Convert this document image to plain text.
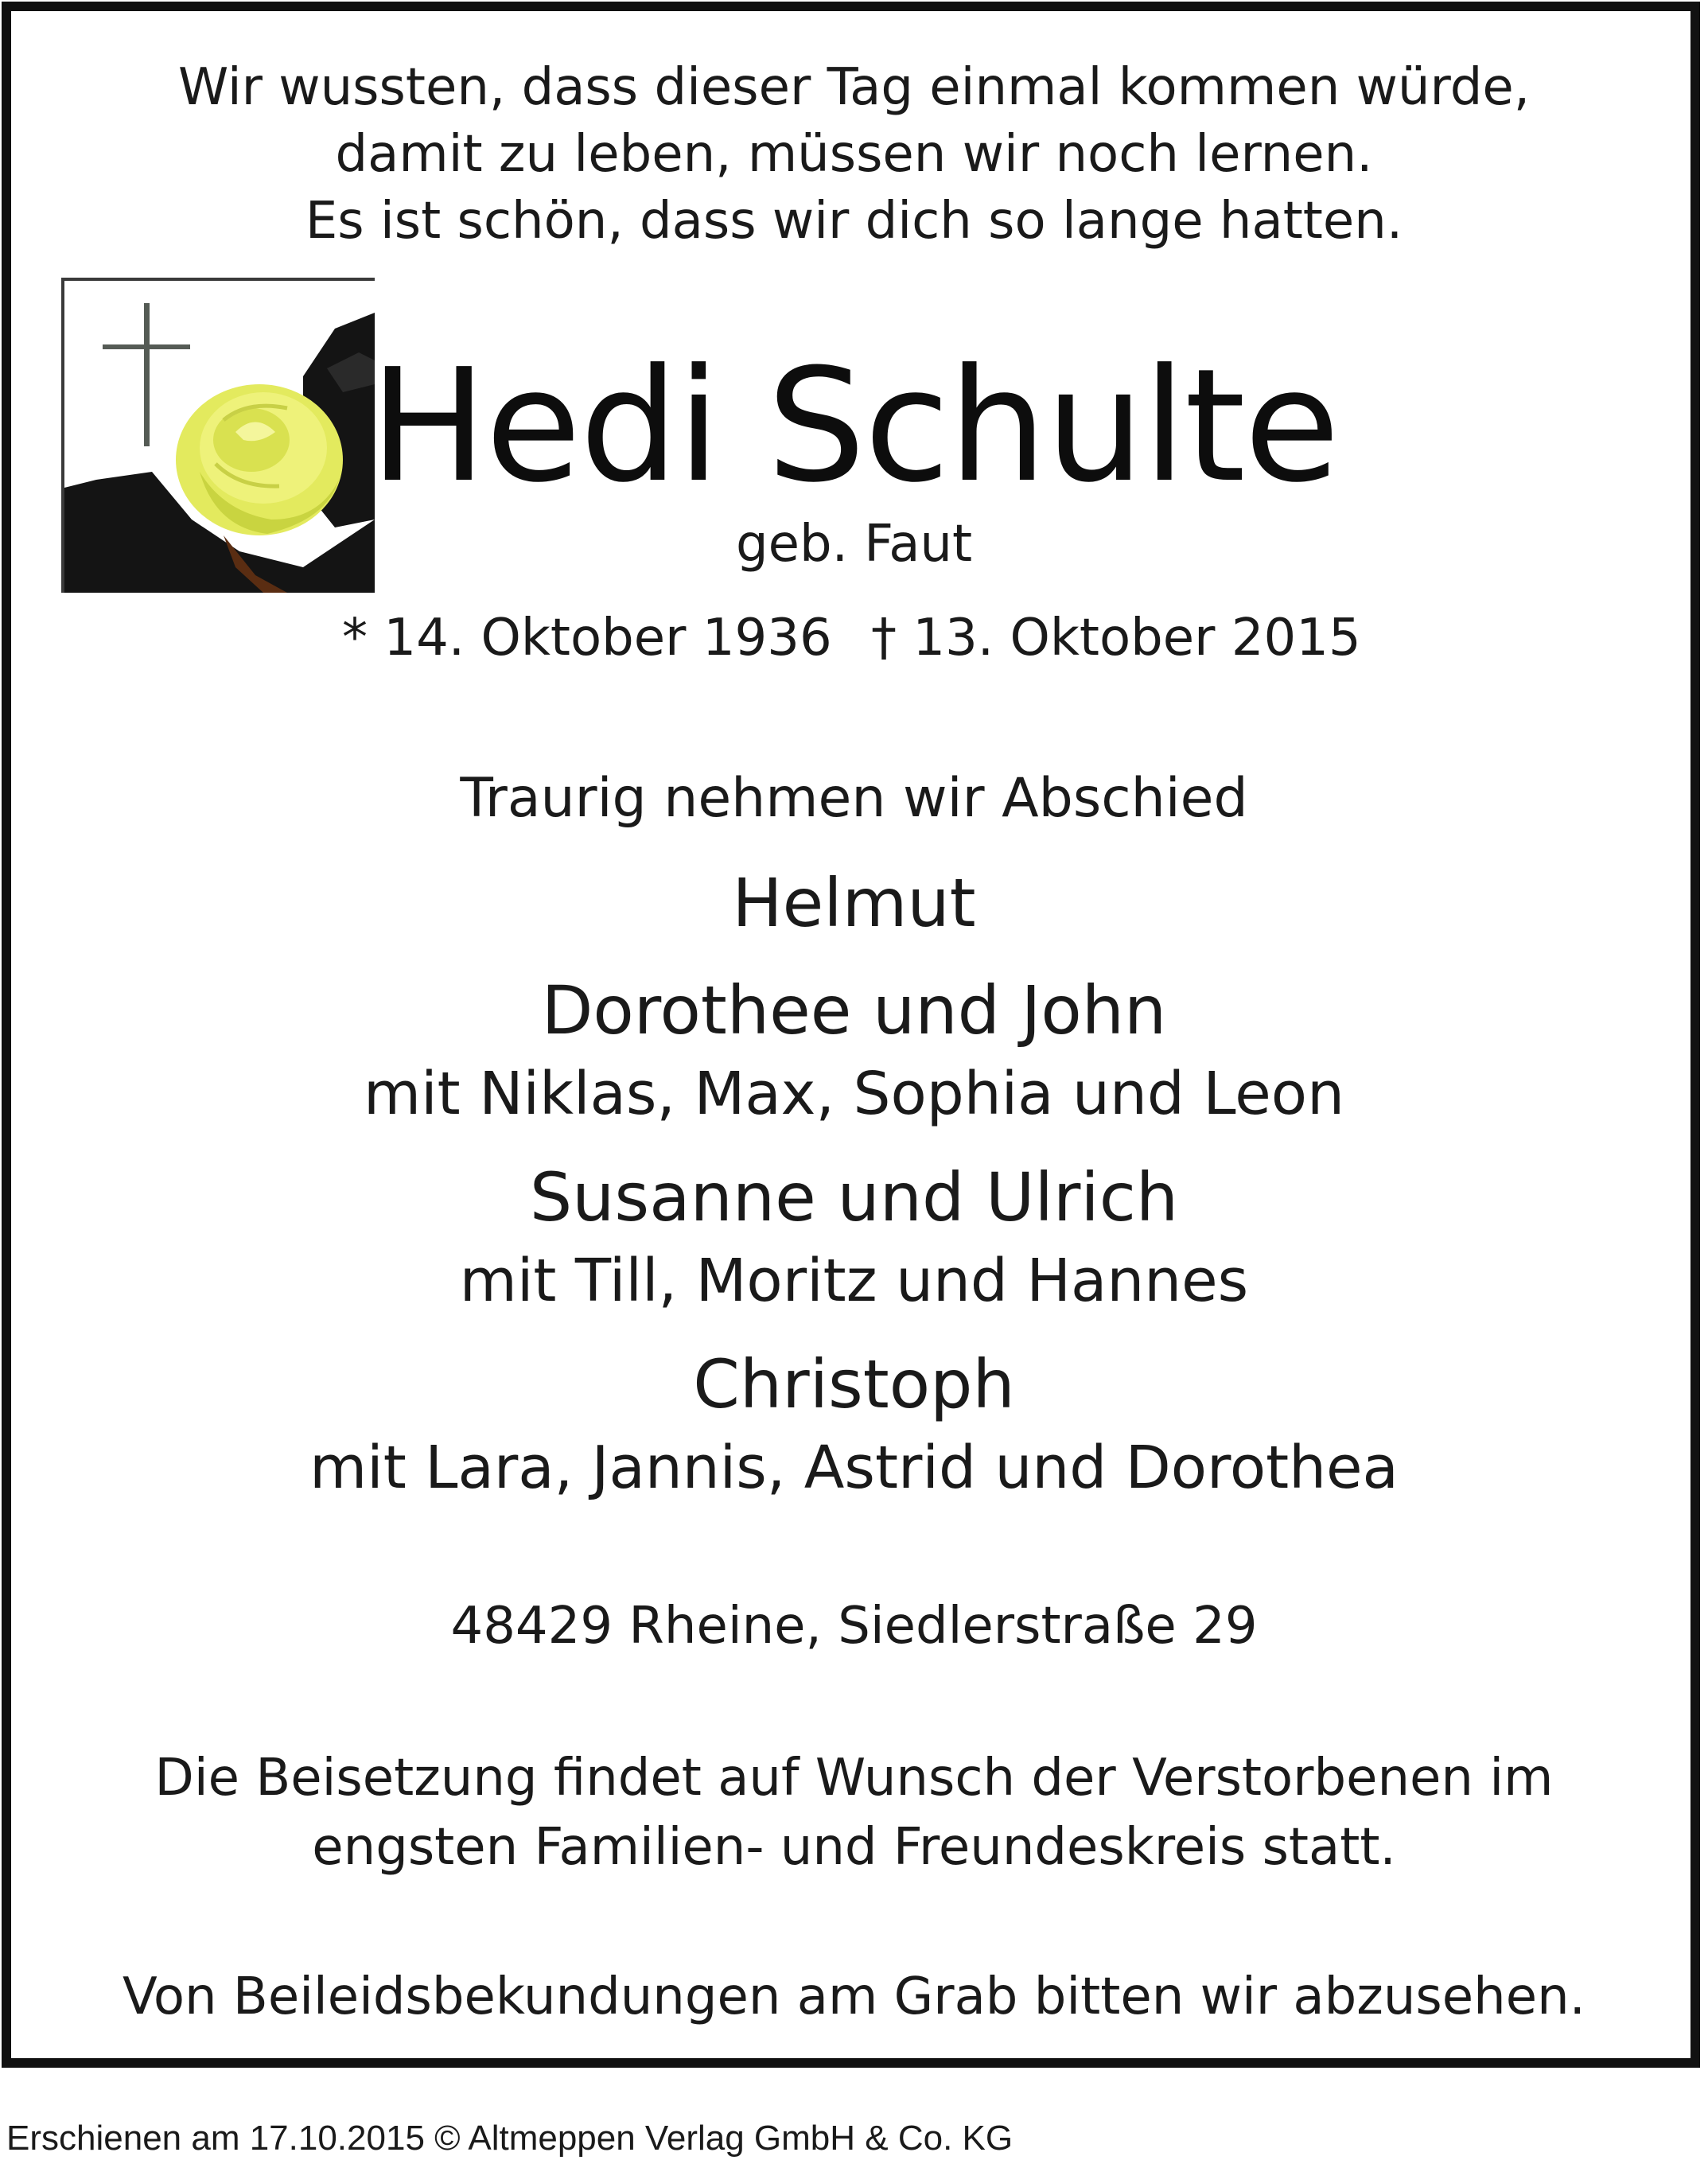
Wir wussten, dass dieser Tag einmal kommen würde,
damit zu leben, müssen wir noch lernen.
Es ist schön, dass wir dich so lange hatten.
Hedi Schulte
geb. Faut
* 14. Oktober 1936 † 13. Oktober 2015
Traurig nehmen wir Abschied
Helmut
Dorothee und John
mit Niklas, Max, Sophia und Leon
Susanne und Ulrich
mit Till, Moritz und Hannes
Christoph
mit Lara, Jannis, Astrid und Dorothea
48429 Rheine, Siedlerstraße 29
Die Beisetzung findet auf Wunsch der Verstorbenen im
engsten Familien- und Freundeskreis statt.
Von Beileidsbekundungen am Grab bitten wir abzusehen.
Erschienen am 17.10.2015 © Altmeppen Verlag GmbH & Co. KG
